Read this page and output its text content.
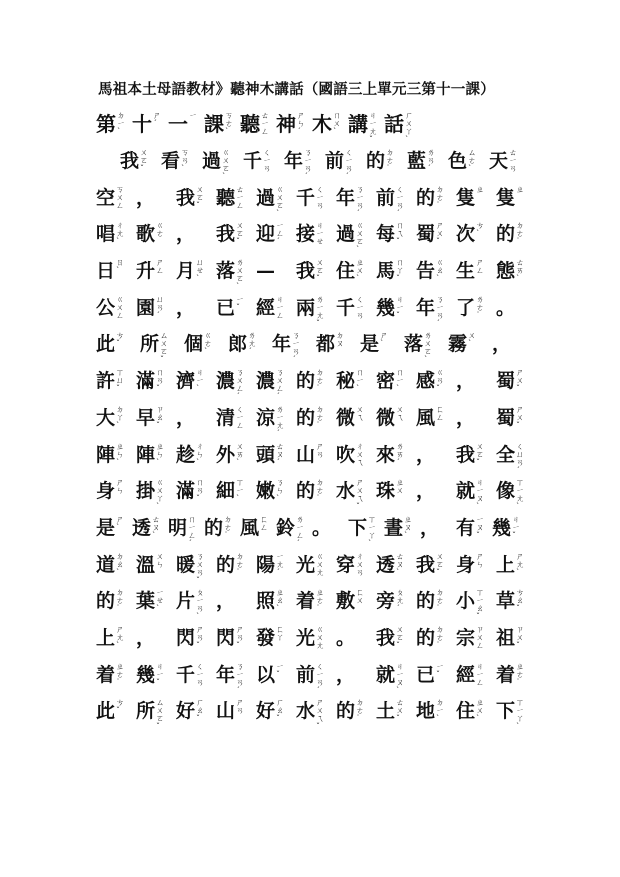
馬祖本土母語教材》聽神木講話（國語三上單元三第十一課）
第 ㄉ
ㄧ
ˋ 十 ㄕ
ˊ 一 ㄧ 課 ㄎ
ㄜ
ˋ 聽 ㄊ
ㄧ
ㄥ 神 ㄕ
ㄣ
ˊ 木 ㄇ
ㄨ
ˋ 講 ㄐ
ㄧ
ㄤ
ˇ
話 ㄏ
ㄨ
ㄚ
ˋ
我 ㄨ
ㄛ
ˇ 看 ㄎ
ㄢ
ˋ 過 ㄍ
ㄨ
ㄛ
ˋ
千 ㄑ
ㄧ
ㄢ 年 ㄋ
ㄧ
ㄢ
ˊ
前 ㄑ
ㄧ
ㄢ
ˊ
的 ㄉ
ㄜ
˙ 藍 ㄌ
ㄢ
ˊ 色 ㄙ
ㄜ
ˋ 天 ㄊ
ㄧ
ㄢ
空 ㄎ
ㄨ
ㄥ ， 我 ㄨ
ㄛ
ˇ 聽 ㄊ
ㄧ
ㄥ 過 ㄍ
ㄨ
ㄛ
ˋ
千 ㄑ
ㄧ
ㄢ 年 ㄋ
ㄧ
ㄢ
ˊ
前 ㄑ
ㄧ
ㄢ
ˊ
的 ㄉ
ㄜ
˙ 隻 ㄓ 隻 ㄓ
唱 ㄔ
ㄤ
ˋ 歌 ㄍ
ㄜ ， 我 ㄨ
ㄛ
ˇ 迎 ㄧ
ㄥ
ˊ 接 ㄐ
ㄧ
ㄝ 過 ㄍ
ㄨ
ㄛ
ˋ
每 ㄇ
ㄟ
ˇ 蜀 ㄕ
ㄨ
ˇ 次 ㄘ
ˋ 的 ㄉ
ㄜ
˙
日 ㄖ
ˋ 升 ㄕ
ㄥ 月 ㄩ
ㄝ
ˋ 落 ㄌ
ㄨ
ㄛ
ˋ
— 我 ㄨ
ㄛ
ˇ 住 ㄓ
ㄨ
ˋ 馬 ㄇ
ㄚ
ˇ 告 ㄍ
ㄠ
ˋ 生 ㄕ
ㄥ 態 ㄊ
ㄞ
ˋ
公 ㄍ
ㄨ
ㄥ 園 ㄩ
ㄢ
ˊ ， 已 ㄧ
ˇ 經 ㄐ
ㄧ
ㄥ 兩 ㄌ
ㄧ
ㄤ
ˇ
千 ㄑ
ㄧ
ㄢ 幾 ㄐ
ㄧ
ˇ 年 ㄋ
ㄧ
ㄢ
ˊ
了 ㄌ
ㄜ
˙ 。
此 ㄘ
ˇ	所 ㄙ
ㄨ
ㄛ
ˇ
個 ㄍ
ㄜ
ˋ	郎 ㄌ
ㄤ
ˊ	年 ㄋ
ㄧ
ㄢ
ˊ
都 ㄉ
ㄡ 是 ㄕ
ˋ	落 ㄌ
ㄨ
ㄛ
ˋ
霧 ㄨ
ˋ	，
許 ㄒ
ㄩ
ˇ 滿 ㄇ
ㄢ
ˇ 濟 ㄐ
ㄧ
ˋ 濃 ㄋ
ㄨ
ㄥ
ˊ
濃 ㄋ
ㄨ
ㄥ
ˊ
的 ㄉ
ㄜ
˙ 秘 ㄇ
ㄧ
ˋ 密 ㄇ
ㄧ
ˋ 感 ㄍ
ㄢ
ˇ ， 蜀 ㄕ
ㄨ
ˇ
大 ㄉ
ㄚ
ˋ 早 ㄗ
ㄠ
ˇ ， 清 ㄑ
ㄧ
ㄥ 涼 ㄌ
ㄧ
ㄤ
ˊ
的 ㄉ
ㄜ
˙ 微 ㄨ
ㄟ 微 ㄨ
ㄟ 風 ㄈ
ㄥ ， 蜀 ㄕ
ㄨ
ˇ
陣 ㄓ
ㄣ
ˋ 陣 ㄓ
ㄣ
ˋ 趁 ㄔ
ㄣ
ˋ 外 ㄨ
ㄞ
ˋ 頭 ㄊ
ㄡ
ˊ 山 ㄕ
ㄢ 吹 ㄔ
ㄨ
ㄟ 來 ㄌ
ㄞ
ˊ ， 我 ㄨ
ㄛ
ˇ 全 ㄑ
ㄩ
ㄢ
ˊ
身 ㄕ
ㄣ 掛 ㄍ
ㄨ
ㄚ
ˋ
滿 ㄇ
ㄢ
ˇ 細 ㄒ
ㄧ
ˋ 嫩 ㄋ
ㄣ
ˋ 的 ㄉ
ㄜ
˙ 水 ㄕ
ㄨ
ㄟ
ˇ
珠 ㄓ
ㄨ ， 就 ㄐ
ㄧ
ㄡ
ˋ
像 ㄒ
ㄧ
ㄤ
ˋ
是 ㄕ
ˋ 透 ㄊ
ㄡ
ˋ 明 ㄇ
ㄧ
ㄥ
ˊ
的 ㄉ
ㄜ
˙ 風 ㄈ
ㄥ 鈴 ㄌ
ㄧ
ㄥ
ˊ
。 下 ㄒ
ㄧ
ㄚ
ˋ
晝 ㄓ
ㄡ
ˋ ， 有 ㄧ
ㄡ
ˇ 幾 ㄐ
ㄧ
ˇ
道 ㄉ
ㄠ
ˋ 溫 ㄨ
ㄣ 暖 ㄋ
ㄨ
ㄢ
ˇ
的 ㄉ
ㄜ
˙ 陽 ㄧ
ㄤ
ˊ 光 ㄍ
ㄨ
ㄤ 穿 ㄔ
ㄨ
ㄢ 透 ㄊ
ㄡ
ˋ 我 ㄨ
ㄛ
ˇ 身 ㄕ
ㄣ 上 ㄕ
ㄤ
ˋ
的 ㄉ
ㄜ
˙ 葉 ㄧ
ㄝ
ˋ 片 ㄆ
ㄧ
ㄢ
ˋ
， 照 ㄓ
ㄠ
ˋ 着 ㄓ
ㄜ
˙ 敷 ㄈ
ㄨ 旁 ㄆ
ㄤ
ˊ 的 ㄉ
ㄜ
˙ 小 ㄒ
ㄧ
ㄠ
ˇ
草 ㄘ
ㄠ
ˇ
上 ㄕ
ㄤ
ˋ ， 閃 ㄕ
ㄢ
ˇ 閃 ㄕ
ㄢ
ˇ 發 ㄈ
ㄚ 光 ㄍ
ㄨ
ㄤ 。 我 ㄨ
ㄛ
ˇ 的 ㄉ
ㄜ
˙ 宗 ㄗ
ㄨ
ㄥ 祖 ㄗ
ㄨ
ˇ
着 ㄓ
ㄜ
˙ 幾 ㄐ
ㄧ
ˇ 千 ㄑ
ㄧ
ㄢ 年 ㄋ
ㄧ
ㄢ
ˊ
以 ㄧ
ˇ 前 ㄑ
ㄧ
ㄢ
ˊ
， 就 ㄐ
ㄧ
ㄡ
ˋ
已 ㄧ
ˇ 經 ㄐ
ㄧ
ㄥ 着 ㄓ
ㄜ
˙
此 ㄘ
ˇ 所 ㄙ
ㄨ
ㄛ
ˇ
好 ㄏ
ㄠ
ˇ 山 ㄕ
ㄢ 好 ㄏ
ㄠ
ˇ 水 ㄕ
ㄨ
ㄟ
ˇ
的 ㄉ
ㄜ
˙ 土 ㄊ
ㄨ
ˇ 地 ㄉ
ㄧ
ˋ 住 ㄓ
ㄨ
ˋ 下 ㄒ
ㄧ
ㄚ
ˋ
